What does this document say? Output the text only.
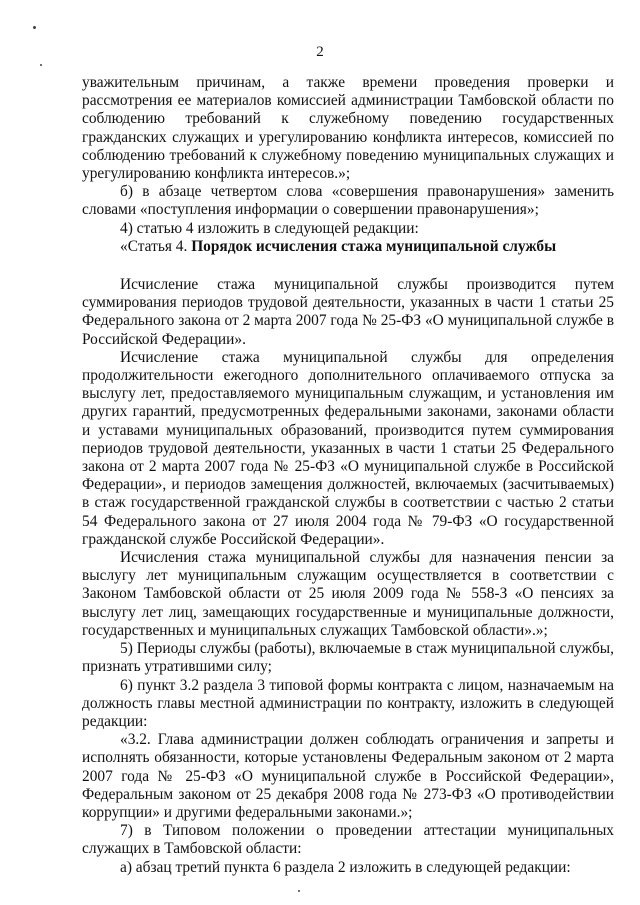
2

уважительным причинам, а также времени проведения проверки и рассмотрения ее материалов комиссией администрации Тамбовской области по соблюдению требований к служебному поведению государственных гражданских служащих и урегулированию конфликта интересов, комиссией по соблюдению требований к служебному поведению муниципальных служащих и урегулированию конфликта интересов.»;

б) в абзаце четвертом слова «совершения правонарушения» заменить словами «поступления информации о совершении правонарушения»;

4) статью 4 изложить в следующей редакции:

«Статья 4. Порядок исчисления стажа муниципальной службы

Исчисление стажа муниципальной службы производится путем суммирования периодов трудовой деятельности, указанных в части 1 статьи 25 Федерального закона от 2 марта 2007 года № 25-ФЗ «О муниципальной службе в Российской Федерации».

Исчисление стажа муниципальной службы для определения продолжительности ежегодного дополнительного оплачиваемого отпуска за выслугу лет, предоставляемого муниципальным служащим, и установления им других гарантий, предусмотренных федеральными законами, законами области и уставами муниципальных образований, производится путем суммирования периодов трудовой деятельности, указанных в части 1 статьи 25 Федерального закона от 2 марта 2007 года № 25-ФЗ «О муниципальной службе в Российской Федерации», и периодов замещения должностей, включаемых (засчитываемых) в стаж государственной гражданской службы в соответствии с частью 2 статьи 54 Федерального закона от 27 июля 2004 года № 79-ФЗ «О государственной гражданской службе Российской Федерации».

Исчисления стажа муниципальной службы для назначения пенсии за выслугу лет муниципальным служащим осуществляется в соответствии с Законом Тамбовской области от 25 июля 2009 года № 558-З «О пенсиях за выслугу лет лиц, замещающих государственные и муниципальные должности, государственных и муниципальных служащих Тамбовской области».»;

5) Периоды службы (работы), включаемые в стаж муниципальной службы, признать утратившими силу;

6) пункт 3.2 раздела 3 типовой формы контракта с лицом, назначаемым на должность главы местной администрации по контракту, изложить в следующей редакции:

«3.2. Глава администрации должен соблюдать ограничения и запреты и исполнять обязанности, которые установлены Федеральным законом от 2 марта 2007 года № 25-ФЗ «О муниципальной службе в Российской Федерации», Федеральным законом от 25 декабря 2008 года № 273-ФЗ «О противодействии коррупции» и другими федеральными законами.»;

7) в Типовом положении о проведении аттестации муниципальных служащих в Тамбовской области:

а) абзац третий пункта 6 раздела 2 изложить в следующей редакции:
